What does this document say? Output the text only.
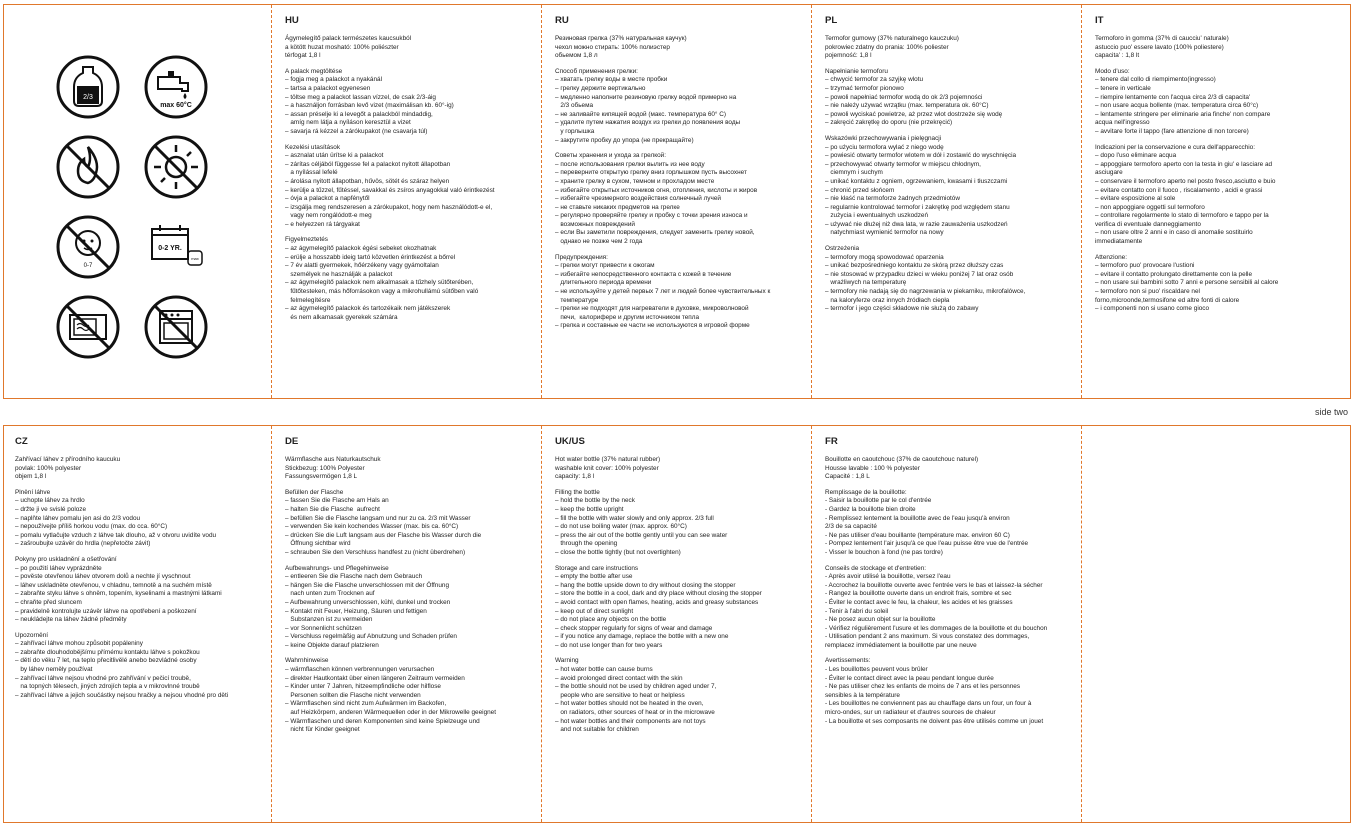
2/3
max 60°C
0-7
0-2 YR.
max
HU

Ágymelegítő palack természetes kaucsukból

a kötött huzat mosható: 100% poliészter

térfogat 1,8 l

A palack megtöltése

– fogja meg a palackot a nyakánál

– tartsa a palackot egyenesen

– töltse meg a palackot lassan vízzel, de csak 2/3-áig

– a használjon forrásban levő vizet (maximálisan kb. 60°-ig)

– assan préselje ki a levegőt a palackból mindaddig,

amíg nem látja a nyíláson keresztül a vizet

– savarja rá kézzel a zárókupakot (ne csavarja túl)

Kezelési utasítások

– asznalat után ürítse ki a palackot

– zárítas céljából függesse fel a palackot nyitott állapotban

a nyílással lefelé

– árolása nyitott állapotban, hűvös, sötét és száraz helyen

– kerülje a tűzzel, fűtéssel, savakkal és zsíros anyagokkal való érintkezést

– óvja a palackot a napfénytől

– izsgálja meg rendszeresen a zárókupakot, hogy nem használódott-e el,

vagy nem rongálódott-e meg

– e helyezzen rá tárgyakat

Figyelmeztetés

– az ágymelegítő palackok égési sebeket okozhatnak

– erülje a hosszabb ideig tartó közvetlen érintkezést a bőrrel

– 7 év alatti gyermekek, hőérzékeny vagy gyámoltalan

személyek ne használják a palackot

– az ágymelegítő palackok nem alkalmasak a tűzhely sütőterében,

fűtőtesteken, más hőforrásokon vagy a mikrohullámú sütőben való

felmelegítésre

– az ágymelegítő palackok és tartozékaik nem játékszerek

és nem alkamasak gyerekek számára

RU

Резиновая грелка (37% натуральная каучук)

чехол можно стирать: 100% полиэстер

обьемом 1,8 л

Способ применения грелки:

– хватать грелку воды в месте пробки

– грелку держите вертикально

– медленно наполните резиновую грелку водой примерно на

2/3 обьема

– не заливайте кипящей водой (макс. температура 60° C)

– удалите путем нажатия воздух из грелки до появления воды

у горлышка

– закрутите пробку до упора (не прекращайте)

Советы хранения и ухода за грелкой:

– после использования грелки вылить из нее воду

– переверните открытую грелку вниз горлышком пусть высохнет

– храните грелку в сухом, темном и прохладом месте

– избегайте открытых источников огня, отопления, кислоты и жиров

– избегайте чрезмерного воздействия солнечный лучей

– не ставьте никаких предметов на грелке

– регулярно проверяйте грелку и пробку с точки зрения износа и

возможных повреждений

– если Вы заметили повреждения, следует заменить грелку новой,

однако не позже чем 2 года

Предупреждения:

– грелки могут привести к ожогам

– избегайте непосредственного контакта с кожей в течение

длительного периода времени

– не используйте у детей первых 7 лет и людей более чувствительных к

температуре

– грелки не подходят для нагреватели в духовке, микроволновой

печи,  калорифере и другим источником тепла

– грелка и составные ее части не используются в игровой форме

PL

Termofor gumowy (37% naturalnego kauczuku)

pokrowiec zdatny do prania: 100% poliester

pojemność: 1,8 l

Napełnianie termoforu

– chwycić termofor za szyjkę wlotu

– trzymać termofor pionowo

– powoli napełniać termofor wodą do ok 2/3 pojemności

– nie należy używać wrzątku (max. temperatura ok. 60°C)

– powoli wyciskać powietrze, aż przez wlot dostrzeże się wodę

– zakręcić zakrętkę do oporu (nie przekręcić)

Wskazówki przechowywania i pielęgnacji

– po użyciu termofora wylać z niego wodę

– powiesić otwarty termofor wlotem w dół i zostawić do wyschnięcia

– przechowywać otwarty termofor w miejscu chłodnym,

ciemnym i suchym

– unikać kontaktu z ogniem, ogrzewaniem, kwasami i tłuszczami

– chronić przed słońcem

– nie kłaść na termoforze żadnych przedmiotów

– regularnie kontrolować termofor i zakrętkę pod względem stanu

zużycia i ewentualnych uszkodzeń

– używać nie dłużej niż dwa lata, w razie zauważenia uszkodzeń

natychmiast wymienić termofor na nowy

Ostrzeżenia

– termofory mogą spowodować oparzenia

– unikać bezpośredniego kontaktu ze skórą przez dłuższy czas

– nie stosować w przypadku dzieci w wieku poniżej 7 lat oraz osób

wrażliwych na temperaturę

– termofory nie nadają się do nagrzewania w piekarniku, mikrofalówce,

na kaloryferze oraz innych źródłach ciepła

– termofor i jego części składowe nie służą do zabawy

IT

Termoforo in gomma (37% di caucciu' naturale)

astuccio puo' essere lavato (100% poliestere)

capacita' : 1,8 lt

Modo d'uso:

– tenere dal collo di riempimento(ingresso)

– tenere in verticale

– riempire lentamente con l'acqua circa 2/3 di capacita'

– non usare acqua bollente (max. temperatura circa 60°c)

– lentamente stringere per eliminarie aria finche' non compare

acqua nell'ingresso

– avvitare forte il tappo (fare attenzione di non torcere)

Indicazioni per la conservazione e cura dell'apparecchio:

– dopo l'uso eliminare acqua

– appoggiare termoforo aperto con la testa in giu' e lasciare ad

asciugare

– conservare il termoforo aperto nel posto fresco,asciutto e buio

– evitare contatto con il fuoco , riscalamento , acidi e grassi

– evitare esposizione al sole

– non appoggiare oggetti sul termoforo

– controllare regolarmente lo stato di termoforo e tappo per la

verifica di eventuale danneggiamento

– non usare oltre 2 anni e in caso di anomalie sostituirlo

immediatamente

Attenzione:

– termoforo puo' provocare l'ustioni

– evitare il contatto prolungato direttamente con la pelle

– non usare sui bambini sotto 7 anni e persone sensibili al calore

– termoforo non si puo' riscaldare nel

forno,microonde,termosifone ed altre fonti di calore

– i componenti non si usano come gioco

side two
CZ

Zahřívací láhev z přírodního kaucuku

povlak: 100% polyester

objem 1,8 l

Plnění láhve

– uchopte láhev za hrdlo

– držte ji ve svislé poloze

– naplňte láhev pomalu jen asi do 2/3 vodou

– nepoužívejte příliš horkou vodu (max. do cca. 60°C)

– pomalu vytlačujte vzduch z láhve tak dlouho, až v otvoru uvidíte vodu

– zašroubujte uzávěr do hrdla (nepřetočte závit)

Pokyny pro uskladnění a ošetřování

– po použití láhev vyprázdněte

– pověste otevřenou láhev otvorem dolů a nechte jí vyschnout

– láhev uskladněte otevřenou, v chladnu, temnotě a na suchém místě

– zabraňte styku láhve s ohněm, topením, kyselinami a mastnými látkami

– chraňte před sluncem

– pravidelně kontrolujte uzávěr láhve na opotřebení a poškození

– neukládejte na láhev žádné předměty

Upozornění

– zahřívací láhve mohou způsobit popáleniny

– zabraňte dlouhodobějšímu přímému kontaktu láhve s pokožkou

– dětí do věku 7 let, na teplo přecitlivělé anebo bezvládné osoby

by láhev neměly používat

– zahřívací láhve nejsou vhodné pro zahřívání v pečicí troubě,

na topných tělesech, jiných zdrojích tepla a v mikrovlnné troubě

– zahřívací láhve a jejich součástky nejsou hračky a nejsou vhodné pro děti

DE

Wärmflasche aus Naturkautschuk

Stickbezug: 100% Polyester

Fassungsvermögen 1,8 L

Befüllen der Flasche

– fassen Sie die Flasche am Hals an

– halten Sie die Flasche  aufrecht

– befüllen Sie die Flasche langsam und nur zu ca. 2/3 mit Wasser

– verwenden Sie kein kochendes Wasser (max. bis ca. 60°C)

– drücken Sie die Luft langsam aus der Flasche bis Wasser durch die

Öffnung sichtbar wird

– schrauben Sie den Verschluss handfest zu (nicht überdrehen)

Aufbewahrungs- und Pflegehinweise

– entleeren Sie die Flasche nach dem Gebrauch

– hängen Sie die Flasche unverschlossen mit der Öffnung

nach unten zum Trocknen auf

– Aufbewahrung unverschlossen, kühl, dunkel und trocken

– Kontakt mit Feuer, Heizung, Säuren und fettigen

Substanzen ist zu vermeiden

– vor Sonnenlicht schützen

– Verschluss regelmäßig auf Abnutzung und Schaden prüfen

– keine Objekte darauf platzieren

Wahrnhinweise

– wärmflaschen können verbrennungen verursachen

– direkter Hautkontakt über einen längeren Zeitraum vermeiden

– Kinder unter 7 Jahren, hitzeempfindliche oder hilflose

Personen sollten die Flasche nicht verwenden

– Wärmflaschen sind nicht zum Aufwärmen im Backofen,

auf Heizkörpern, anderen Wärmequellen oder in der Mikrowelle geeignet

– Wärmflaschen und deren Komponenten sind keine Spielzeuge und

nicht für Kinder geeignet

UK/US

Hot water bottle (37% natural rubber)

washable knit cover: 100% polyester

capacity: 1,8 l

Filling the bottle

– hold the bottle by the neck

– keep the bottle upright

– fill the bottle with water slowly and only approx. 2/3 full

– do not use boiling water (max. approx. 60°C)

– press the air out of the bottle gently until you can see water

through the opening

– close the bottle tightly (but not overtighten)

Storage and care instructions

– empty the bottle after use

– hang the bottle upside down to dry without closing the stopper

– store the bottle in a cool, dark and dry place without closing the stopper

– avoid contact with open flames, heating, acids and greasy substances

– keep out of direct sunlight

– do not place any objects on the bottle

– check stopper regularly for signs of wear and damage

– if you notice any damage, replace the bottle with a new one

– do not use longer than for two years

Warning

– hot water bottle can cause burns

– avoid prolonged direct contact with the skin

– the bottle should not be used by children aged under 7,

people who are sensitive to heat or helpless

– hot water bottles should not be heated in the oven,

on radiators, other sources of heat or in the microwave

– hot water bottles and their components are not toys

and not suitable for children

FR

Bouillotte en caoutchouc (37% de caoutchouc naturel)

Housse lavable : 100 % polyester

Capacité : 1,8 L

Remplissage de la bouillotte:

- Saisir la bouillotte par le col d'entrée

- Gardez la bouillotte bien droite

- Remplissez lentement la bouillotte avec de l'eau jusqu'à environ

2/3 de sa capacité

- Ne pas utiliser d'eau bouillante (température max. environ 60 C)

- Pompez lentement l'air jusqu'à ce que l'eau puisse être vue de l'entrée

- Visser le bouchon à fond (ne pas tordre)

Conseils de stockage et d'entretien:

- Après avoir utilisé la bouillotte, versez l'eau

- Accrochez la bouillotte ouverte avec l'entrée vers le bas et laissez-la sécher

- Rangez la bouillotte ouverte dans un endroit frais, sombre et sec

- Éviter le contact avec le feu, la chaleur, les acides et les graisses

- Tenir à l'abri du soleil

- Ne posez aucun objet sur la bouillotte

- Vérifiez régulièrement l'usure et les dommages de la bouillotte et du bouchon

- Utilisation pendant 2 ans maximum. Si vous constatez des dommages,

remplacez immédiatement la bouillotte par une neuve

Avertissements:

- Les bouillottes peuvent vous brûler

- Éviter le contact direct avec la peau pendant longue durée

- Ne pas utiliser chez les enfants de moins de 7 ans et les personnes

sensibles à la température

- Les bouillottes ne conviennent pas au chauffage dans un four, un four à

micro-ondes, sur un radiateur et d'autres sources de chaleur

- La bouillotte et ses composants ne doivent pas être utilisés comme un jouet
